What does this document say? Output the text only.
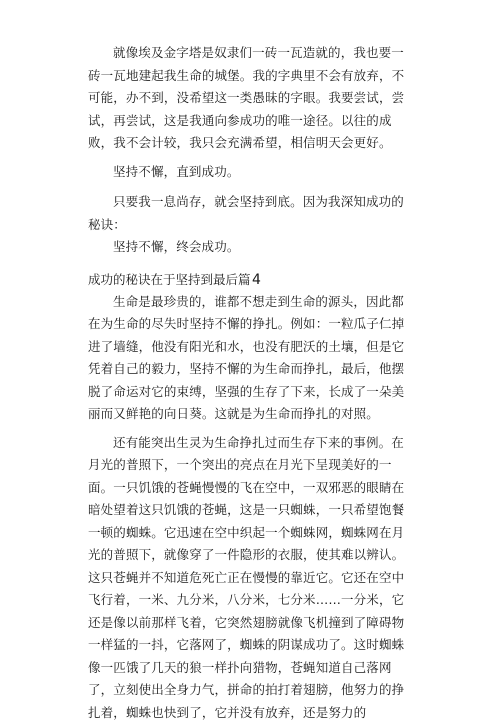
就像埃及金字塔是奴隶们一砖一瓦造就的，我也要一砖一瓦地建起我生命的城堡。我的字典里不会有放弃，不可能，办不到，没希望这一类愚昧的字眼。我要尝试，尝试，再尝试，这是我通向参成功的唯一途径。以往的成败，我不会计较，我只会充满希望，相信明天会更好。

坚持不懈，直到成功。

只要我一息尚存，就会坚持到底。因为我深知成功的秘诀：

坚持不懈，终会成功。

成功的秘诀在于坚持到最后篇 4

生命是最珍贵的，谁都不想走到生命的源头，因此都在为生命的尽失时坚持不懈的挣扎。例如：一粒瓜子仁掉进了墙缝，他没有阳光和水，也没有肥沃的土壤，但是它凭着自己的毅力，坚持不懈的为生命而挣扎，最后，他摆脱了命运对它的束缚，坚强的生存了下来，长成了一朵美丽而又鲜艳的向日葵。这就是为生命而挣扎的对照。

还有能突出生灵为生命挣扎过而生存下来的事例。在月光的普照下，一个突出的亮点在月光下呈现美好的一面。一只饥饿的苍蝇慢慢的飞在空中，一双邪恶的眼睛在暗处望着这只饥饿的苍蝇，这是一只蜘蛛，一只希望饱餐一顿的蜘蛛。它迅速在空中织起一个蜘蛛网，蜘蛛网在月光的普照下，就像穿了一件隐形的衣服，使其难以辨认。这只苍蝇并不知道危死亡正在慢慢的靠近它。它还在空中飞行着，一米、九分米，八分米，七分米……一分米，它还是像以前那样飞着，它突然翅膀就像飞机撞到了障碍物一样猛的一抖，它落网了，蜘蛛的阴谋成功了。这时蜘蛛像一匹饿了几天的狼一样扑向猎物，苍蝇知道自己落网了，立刻使出全身力气，拼命的拍打着翅膀，他努力的挣扎着，蜘蛛也快到了，它并没有放弃，还是努力的
